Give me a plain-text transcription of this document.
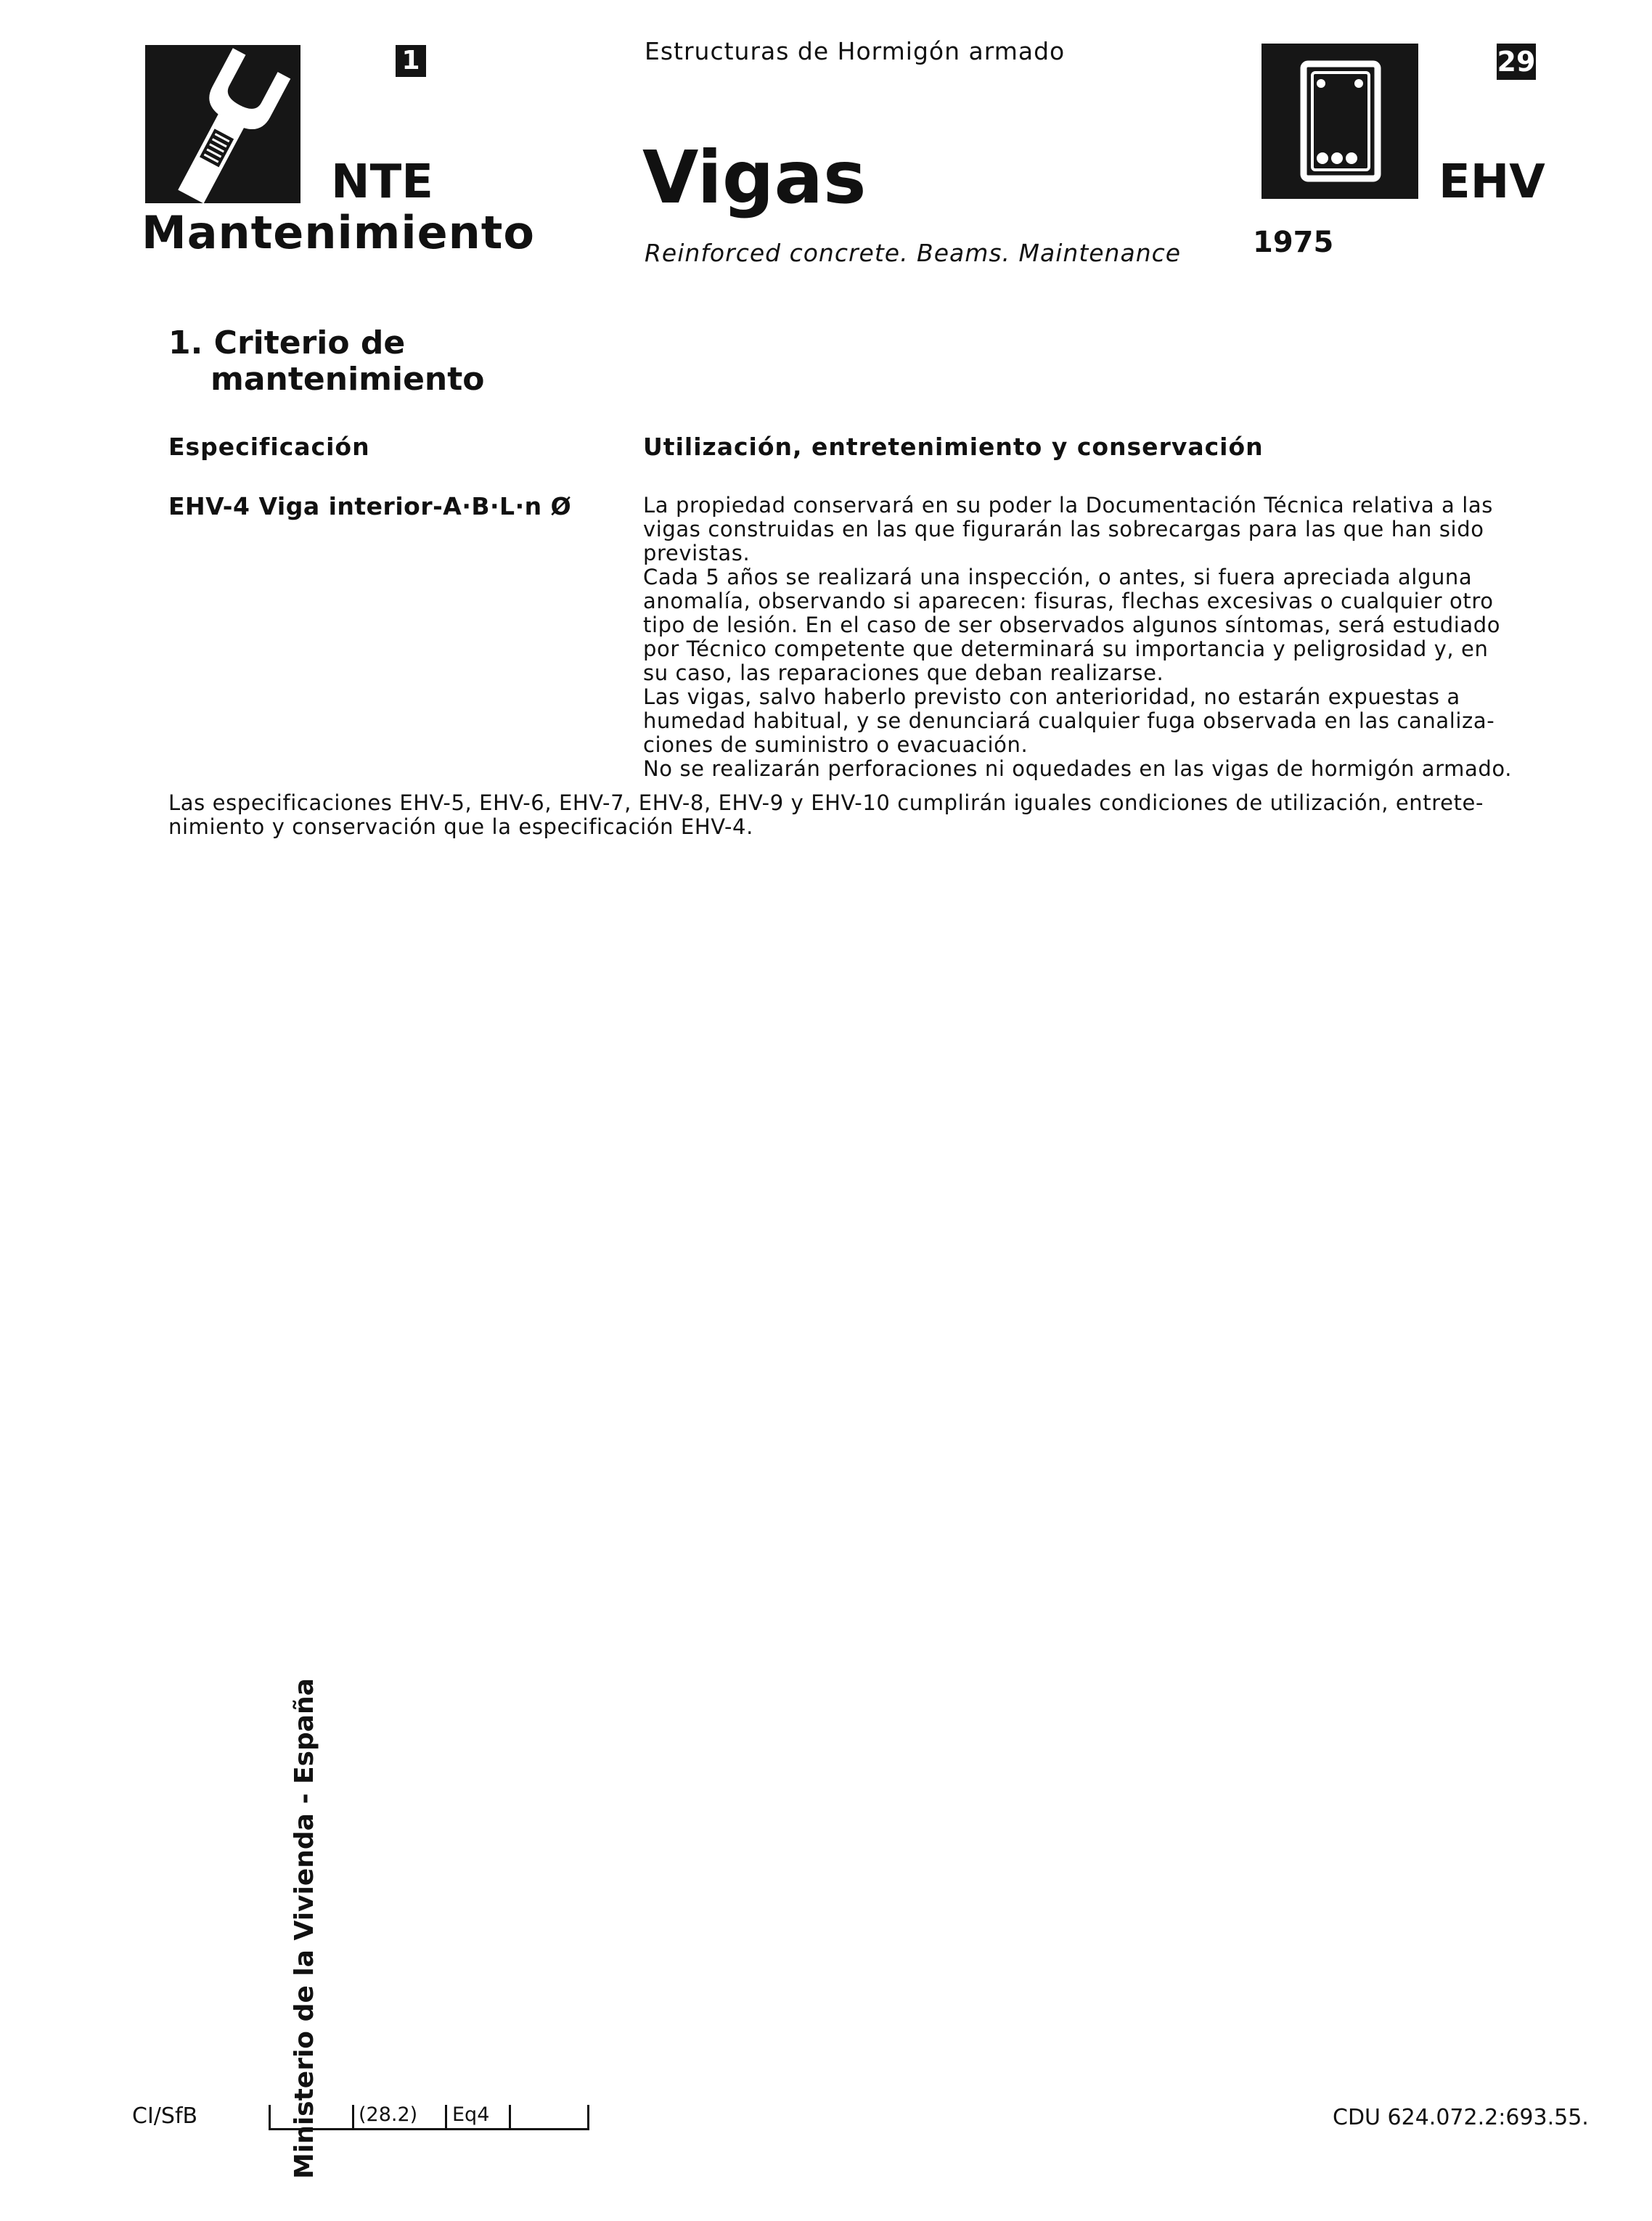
1
NTE
Mantenimiento
Estructuras de Hormigón armado
Vigas
Reinforced concrete. Beams. Maintenance
29
EHV
1975
1. Criterio de
mantenimiento
Especificación	Utilización, entretenimiento y conservación
EHV-4 Viga interior-A·B·L·n Ø	La propiedad conservará en su poder la Documentación Técnica relativa a las
vigas construidas en las que figurarán las sobrecargas para las que han sido
previstas.
Cada 5 años se realizará una inspección, o antes, si fuera apreciada alguna
anomalía, observando si aparecen: fisuras, flechas excesivas o cualquier otro
tipo de lesión. En el caso de ser observados algunos síntomas, será estudiado
por Técnico competente que determinará su importancia y peligrosidad y, en
su caso, las reparaciones que deban realizarse.
Las vigas, salvo haberlo previsto con anterioridad, no estarán expuestas a
humedad habitual, y se denunciará cualquier fuga observada en las canaliza-
ciones de suministro o evacuación.
No se realizarán perforaciones ni oquedades en las vigas de hormigón armado.
Las especificaciones EHV-5, EHV-6, EHV-7, EHV-8, EHV-9 y EHV-10 cumplirán iguales condiciones de utilización, entrete-
nimiento y conservación que la especificación EHV-4.
Ministerio de la Vivienda - España
CI/SfB	(28.2) Eq4	CDU 624.072.2:693.55.
